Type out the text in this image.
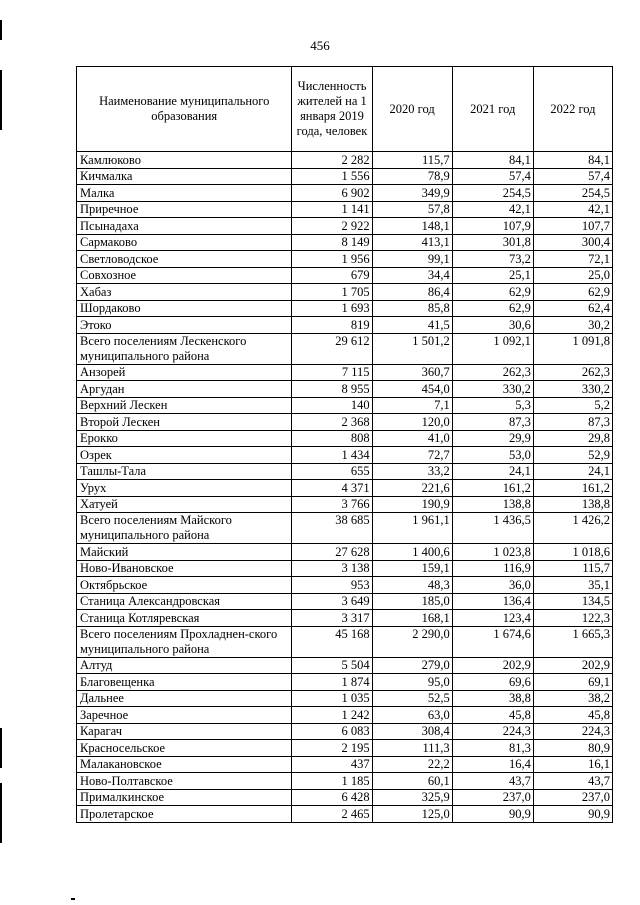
456
Наименование муниципального образования	Численность жителей на 1 января 2019 года, человек	2020 год	2021 год	2022 год
Камлюково	2 282	115,7	84,1	84,1
Кичмалка	1 556	78,9	57,4	57,4
Малка	6 902	349,9	254,5	254,5
Приречное	1 141	57,8	42,1	42,1
Псынадаха	2 922	148,1	107,9	107,7
Сармаково	8 149	413,1	301,8	300,4
Светловодское	1 956	99,1	73,2	72,1
Совхозное	679	34,4	25,1	25,0
Хабаз	1 705	86,4	62,9	62,9
Шордаково	1 693	85,8	62,9	62,4
Этоко	819	41,5	30,6	30,2
Всего поселениям Лескенского муниципального района	29 612	1 501,2	1 092,1	1 091,8
Анзорей	7 115	360,7	262,3	262,3
Аргудан	8 955	454,0	330,2	330,2
Верхний Лескен	140	7,1	5,3	5,2
Второй Лескен	2 368	120,0	87,3	87,3
Ерокко	808	41,0	29,9	29,8
Озрек	1 434	72,7	53,0	52,9
Ташлы-Тала	655	33,2	24,1	24,1
Урух	4 371	221,6	161,2	161,2
Хатуей	3 766	190,9	138,8	138,8
Всего поселениям Майского муниципального района	38 685	1 961,1	1 436,5	1 426,2
Майский	27 628	1 400,6	1 023,8	1 018,6
Ново-Ивановское	3 138	159,1	116,9	115,7
Октябрьское	953	48,3	36,0	35,1
Станица Александровская	3 649	185,0	136,4	134,5
Станица Котляревская	3 317	168,1	123,4	122,3
Всего поселениям Прохладнен-ского муниципального района	45 168	2 290,0	1 674,6	1 665,3
Алтуд	5 504	279,0	202,9	202,9
Благовещенка	1 874	95,0	69,6	69,1
Дальнее	1 035	52,5	38,8	38,2
Заречное	1 242	63,0	45,8	45,8
Карагач	6 083	308,4	224,3	224,3
Красносельское	2 195	111,3	81,3	80,9
Малакановское	437	22,2	16,4	16,1
Ново-Полтавское	1 185	60,1	43,7	43,7
Прималкинское	6 428	325,9	237,0	237,0
Пролетарское	2 465	125,0	90,9	90,9
